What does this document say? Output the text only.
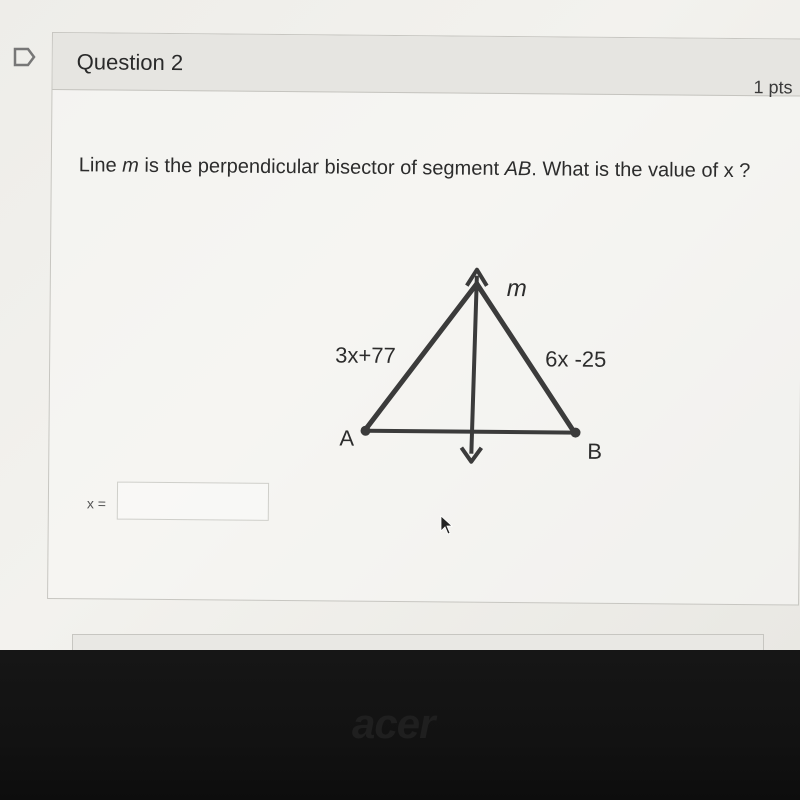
Question 2
1 pts
Line m is the perpendicular bisector of segment AB. What is the value of x ?
m
3x+77	6x -25
A
B
x =
acer
